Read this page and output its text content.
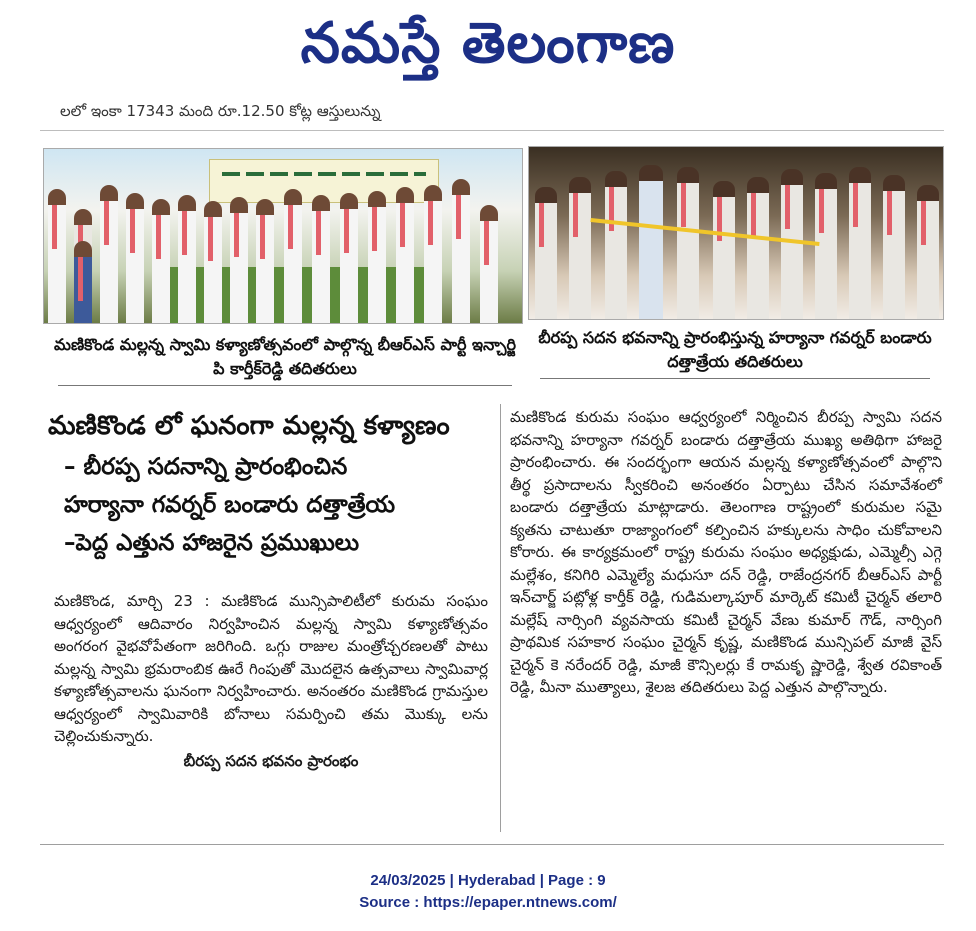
నమస్తే తెలంగాణ
లలో ఇంకా 17343 మంది రూ.12.50 కోట్ల ఆస్తులున్ను
మణికొండ మల్లన్న స్వామి కళ్యాణోత్సవంలో పాల్గొన్న బీఆర్ఎస్ పార్టీ ఇన్చార్జి పి కార్తీక్‌రెడ్డి తదితరులు
బీరప్ప సదన భవనాన్ని ప్రారంభిస్తున్న హర్యానా గవర్నర్ బండారు దత్తాత్రేయ తదితరులు
మణికొండ లో ఘనంగా మల్లన్న కళ్యాణం
– బీరప్ప సదనాన్ని ప్రారంభించిన
హర్యానా గవర్నర్ బండారు దత్తాత్రేయ
–పెద్ద ఎత్తున హాజరైన ప్రముఖులు
మణికొండ, మార్చి 23 : మణికొండ మున్సిపాలిటీలో కురుమ సంఘం ఆధ్వర్యంలో ఆదివారం నిర్వహించిన మల్లన్న స్వామి కళ్యాణోత్సవం అంగరంగ వైభవోపేతంగా జరిగింది. ఒగ్గు రాజుల మంత్రోచ్చరణలతో పాటు మల్లన్న స్వామి భ్రమరాంబిక ఊరే గింపుతో మొదలైన ఉత్సవాలు స్వామివార్ల కళ్యాణోత్సవాలను ఘనంగా నిర్వహించారు. అనంతరం మణికొండ గ్రామస్తుల ఆధ్వర్యంలో స్వామివారికి బోనాలు సమర్పించి తమ మొక్కు లను చెల్లించుకున్నారు.
బీరప్ప సదన భవనం ప్రారంభం
మణికొండ కురుమ సంఘం ఆధ్వర్యంలో నిర్మించిన బీరప్ప స్వామి సదన భవనాన్ని హర్యానా గవర్నర్ బండారు దత్తాత్రేయ ముఖ్య అతిథిగా హాజరై ప్రారంభించారు. ఈ సందర్భంగా ఆయన మల్లన్న కళ్యాణోత్సవంలో పాల్గొని తీర్థ ప్రసాదాలను స్వీకరించి అనంతరం ఏర్పాటు చేసిన సమావేశంలో బండారు దత్తాత్రేయ మాట్లాడారు. తెలంగాణ రాష్ట్రంలో కురుమల సమై క్యతను చాటుతూ రాజ్యాంగంలో కల్పించిన హక్కులను సాధిం చుకోవాలని కోరారు. ఈ కార్యక్రమంలో రాష్ట్ర కురుమ సంఘం అధ్యక్షుడు, ఎమ్మెల్సీ ఎగ్గె మల్లేశం, కనిగిరి ఎమ్మెల్యే మధుసూ దన్ రెడ్డి, రాజేంద్రనగర్ బీఆర్ఎస్ పార్టీ ఇన్‌చార్జ్ పట్లోళ్ల కార్తీక్ రెడ్డి, గుడిమల్కాపూర్ మార్కెట్ కమిటీ చైర్మన్ తలారి మల్లేష్ నార్సింగి వ్యవసాయ కమిటీ చైర్మన్ వేణు కుమార్ గౌడ్, నార్సింగి ప్రాథమిక సహకార సంఘం చైర్మన్ కృష్ణ, మణికొండ మున్సిపల్ మాజీ వైస్ చైర్మన్ కె నరేందర్ రెడ్డి, మాజీ కౌన్సిలర్లు కే రామకృ ష్ణారెడ్డి, శ్వేత రవికాంత్ రెడ్డి, మీనా ముత్యాలు, శైలజ తదితరులు పెద్ద ఎత్తున పాల్గొన్నారు.
24/03/2025 | Hyderabad | Page : 9
Source : https://epaper.ntnews.com/
